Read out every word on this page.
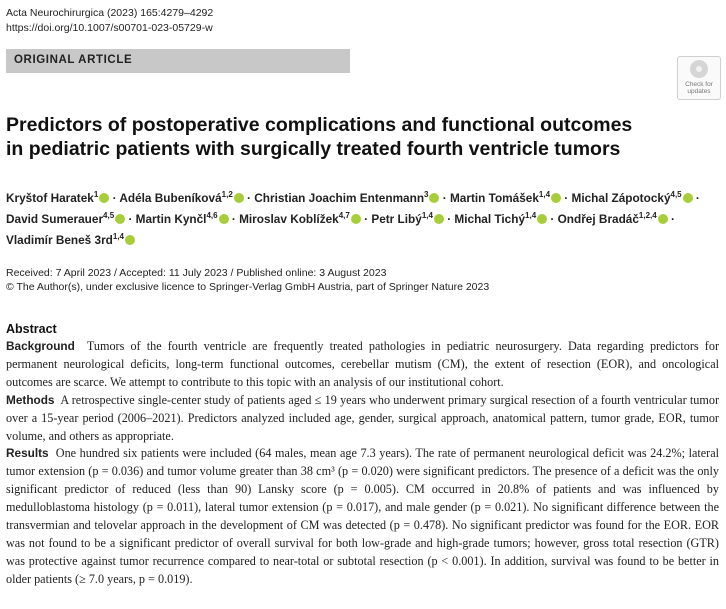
Acta Neurochirurgica (2023) 165:4279–4292
https://doi.org/10.1007/s00701-023-05729-w
ORIGINAL ARTICLE
Check for
updates
Predictors of postoperative complications and functional outcomes
in pediatric patients with surgically treated fourth ventricle tumors
Kryštof Haratek$^1$ · Adéla Bubeníková$^{1,2}$ · Christian Joachim Entenmann$^3$ · Martin Tomášek$^{1,4}$ · Michal Zápotocký$^{4,5}$ · David Sumerauer$^{4,5}$ · Martin Kynčl$^{4,6}$ · Miroslav Koblížek$^{4,7}$ · Petr Libý$^{1,4}$ · Michal Tichý$^{1,4}$ · Ondřej Bradáč$^{1,2,4}$ · Vladimír Beneš 3rd$^{1,4}$
Received: 7 April 2023 / Accepted: 11 July 2023 / Published online: 3 August 2023
© The Author(s), under exclusive licence to Springer-Verlag GmbH Austria, part of Springer Nature 2023
Abstract

Background Tumors of the fourth ventricle are frequently treated pathologies in pediatric neurosurgery. Data regarding predictors for permanent neurological deficits, long-term functional outcomes, cerebellar mutism (CM), the extent of resection (EOR), and oncological outcomes are scarce. We attempt to contribute to this topic with an analysis of our institutional cohort.

Methods A retrospective single-center study of patients aged ≤ 19 years who underwent primary surgical resection of a fourth ventricular tumor over a 15-year period (2006–2021). Predictors analyzed included age, gender, surgical approach, anatomical pattern, tumor grade, EOR, tumor volume, and others as appropriate.

Results One hundred six patients were included (64 males, mean age 7.3 years). The rate of permanent neurological deficit was 24.2%; lateral tumor extension (p = 0.036) and tumor volume greater than 38 cm³ (p = 0.020) were significant predictors. The presence of a deficit was the only significant predictor of reduced (less than 90) Lansky score (p = 0.005). CM occurred in 20.8% of patients and was influenced by medulloblastoma histology (p = 0.011), lateral tumor extension (p = 0.017), and male gender (p = 0.021). No significant difference between the transvermian and telovelar approach in the development of CM was detected (p = 0.478). No significant predictor was found for the EOR. EOR was not found to be a significant predictor of overall survival for both low-grade and high-grade tumors; however, gross total resection (GTR) was protective against tumor recurrence compared to near-total or subtotal resection (p < 0.001). In addition, survival was found to be better in older patients (≥ 7.0 years, p = 0.019).
